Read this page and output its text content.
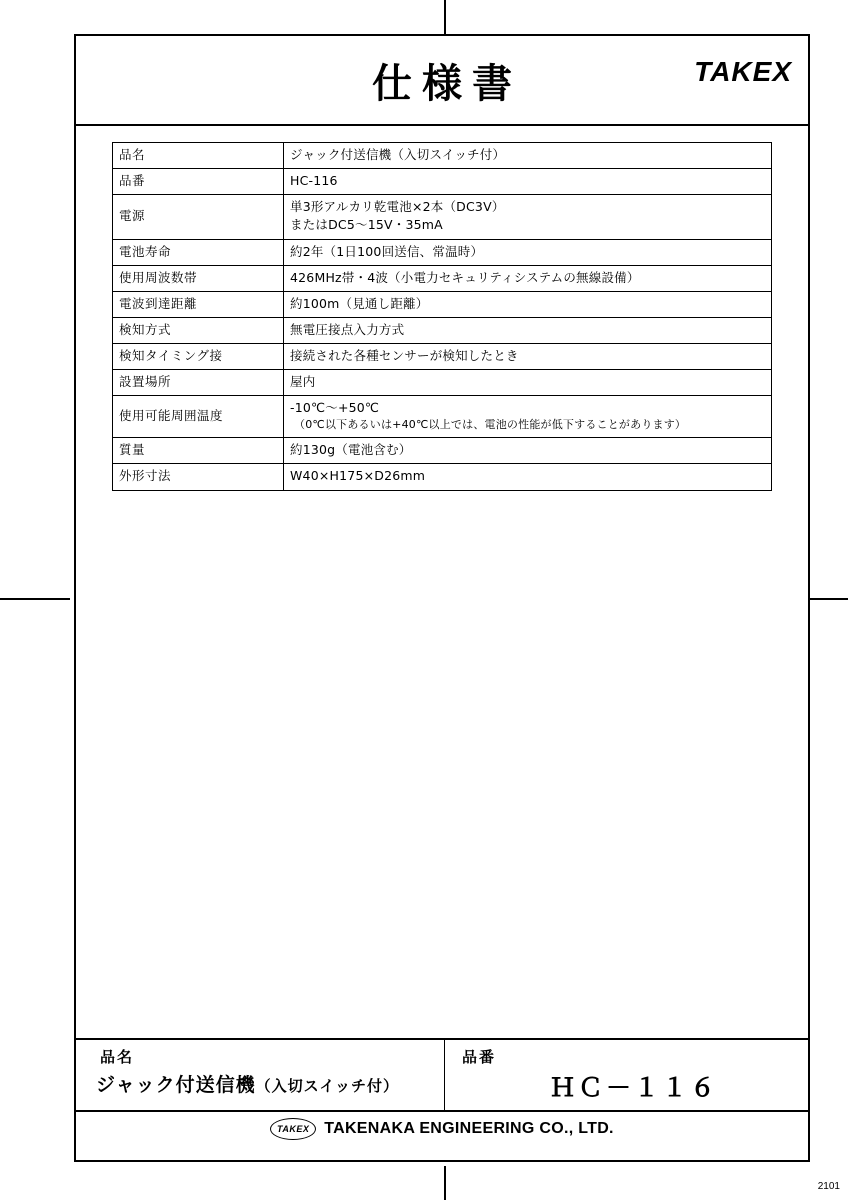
仕様書	TAKEX
品名	ジャック付送信機（入切スイッチ付）
品番	HC-116
電源	単3形アルカリ乾電池×2本（DC3V）
またはDC5〜15V・35mA
電池寿命	約2年（1日100回送信、常温時）
使用周波数帯	426MHz帯・4波（小電力セキュリティシステムの無線設備）
電波到達距離	約100m（見通し距離）
検知方式	無電圧接点入力方式
検知タイミング接	接続された各種センサーが検知したとき
設置場所	屋内
使用可能周囲温度	-10℃〜+50℃
（0℃以下あるいは+40℃以上では、電池の性能が低下することがあります）

質量	約130g（電池含む）
外形寸法	W40×H175×D26mm
品名
ジャック付送信機（入切スイッチ付）
品番
ＨＣ－１１６
TAKEX TAKENAKA ENGINEERING CO., LTD.
2101
